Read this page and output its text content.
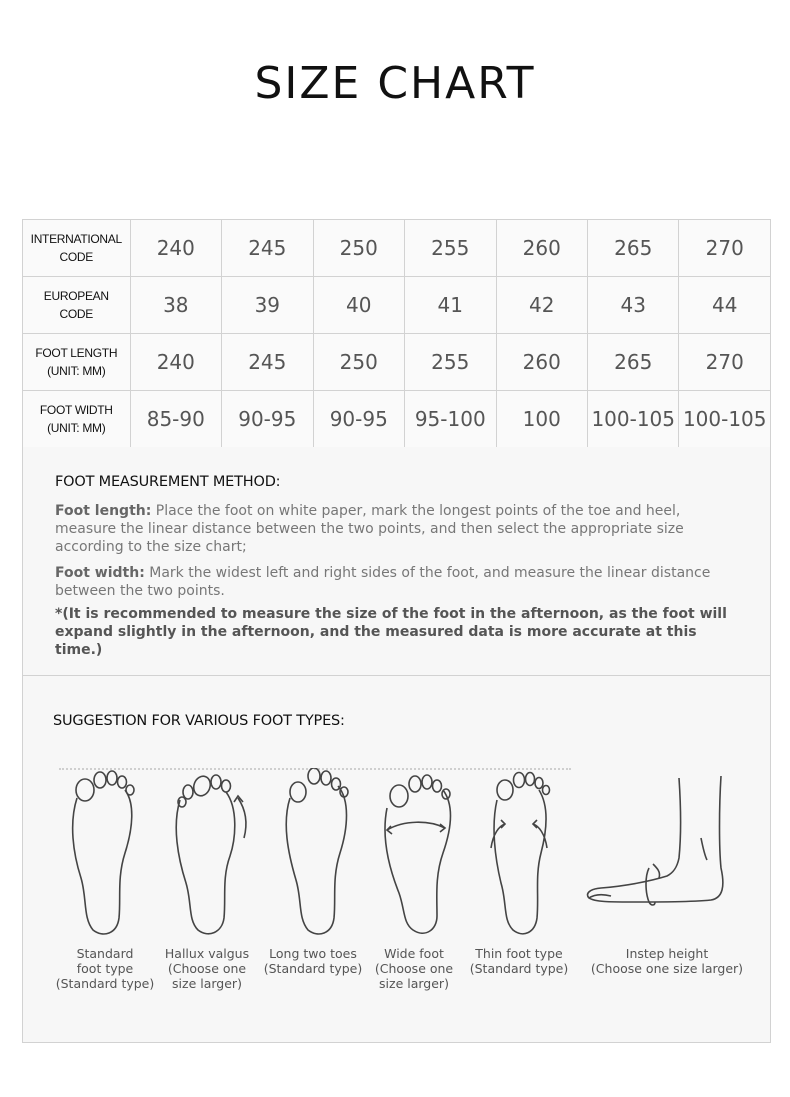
SIZE CHART
INTERNATIONAL
CODE	240	245	250	255	260	265	270

EUROPEAN
CODE	38	39	40	41	42	43	44

FOOT LENGTH
(UNIT: MM)	240	245	250	255	260	265	270

FOOT WIDTH
(UNIT: MM)	85-90	90-95	90-95	95-100	100	100-105	100-105
FOOT MEASUREMENT METHOD:
Foot length: Place the foot on white paper, mark the longest points of the toe and heel, measure the linear distance between the two points, and then select the appropriate size according to the size chart;
Foot width: Mark the widest left and right sides of the foot, and measure the linear distance between the two points.
*(It is recommended to measure the size of the foot in the afternoon, as the foot will expand slightly in the afternoon, and the measured data is more accurate at this time.)
SUGGESTION FOR VARIOUS FOOT TYPES:
Standard
foot type
(Standard type)
Hallux valgus
(Choose one
size larger)
Long two toes
(Standard type)
Wide foot
(Choose one
size larger)
Thin foot type
(Standard type)
Instep height
(Choose one size larger)
